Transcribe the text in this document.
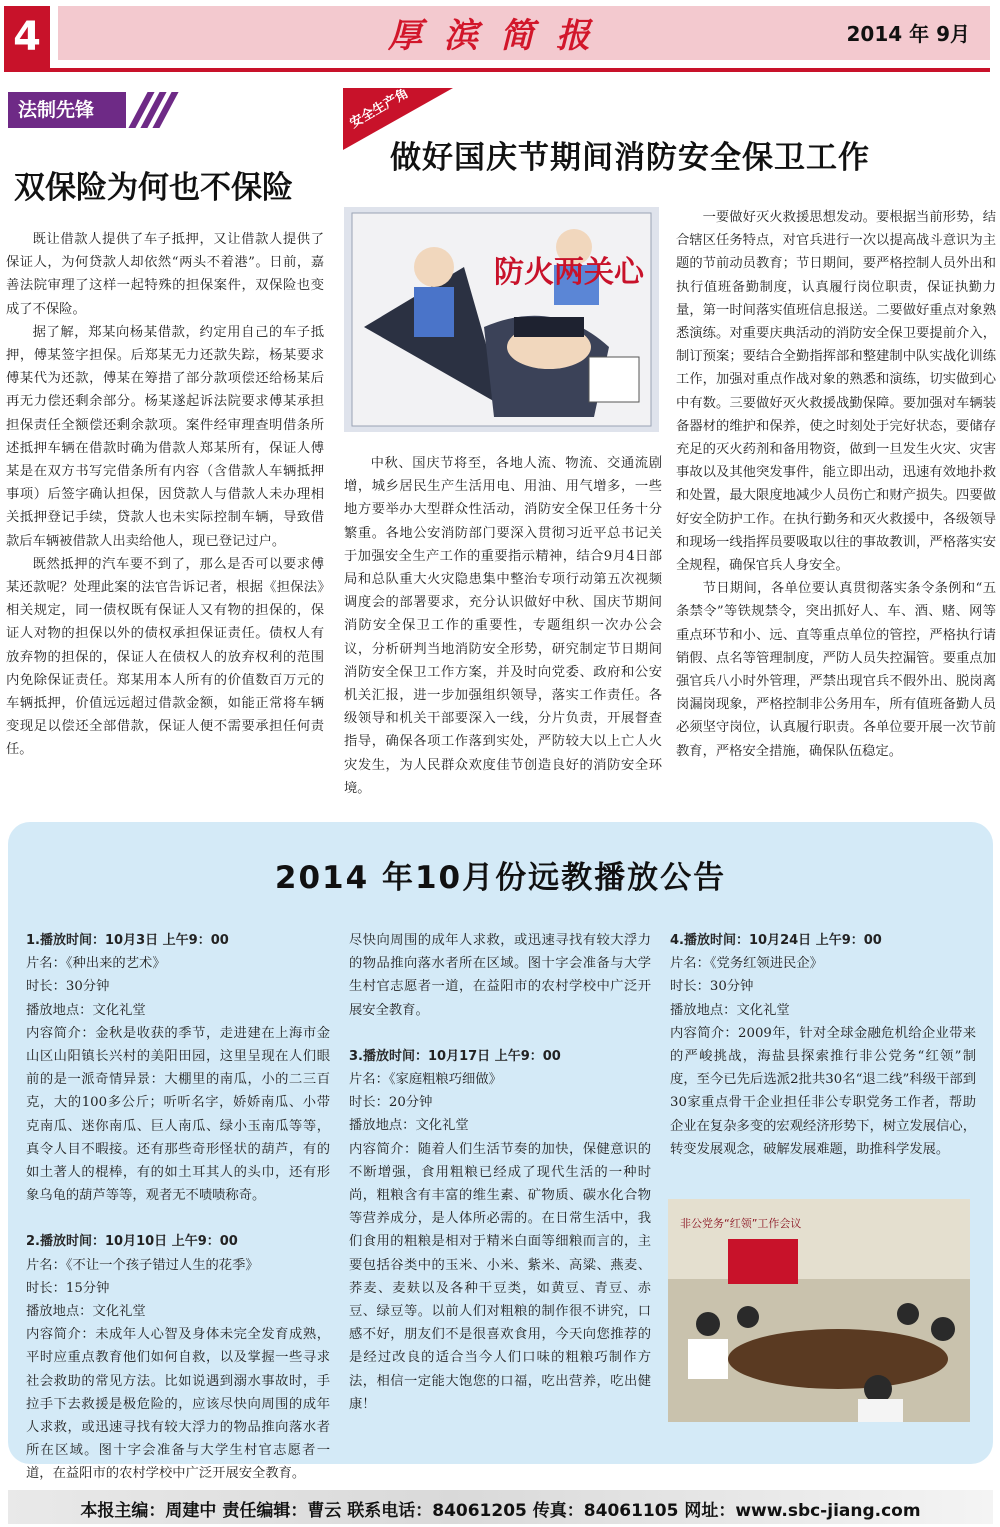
4	厚滨简报	2014 年 9月
法制先锋
双保险为何也不保险

既让借款人提供了车子抵押，又让借款人提供了保证人，为何贷款人却依然“两头不着港”。日前，嘉善法院审理了这样一起特殊的担保案件，双保险也变成了不保险。

据了解，郑某向杨某借款，约定用自己的车子抵押，傅某签字担保。后郑某无力还款失踪，杨某要求傅某代为还款，傅某在筹措了部分款项偿还给杨某后再无力偿还剩余部分。杨某遂起诉法院要求傅某承担担保责任全额偿还剩余款项。案件经审理查明借条所述抵押车辆在借款时确为借款人郑某所有，保证人傅某是在双方书写完借条所有内容（含借款人车辆抵押事项）后签字确认担保，因贷款人与借款人未办理相关抵押登记手续，贷款人也未实际控制车辆，导致借款后车辆被借款人出卖给他人，现已登记过户。

既然抵押的汽车要不到了，那么是否可以要求傅某还款呢？处理此案的法官告诉记者，根据《担保法》相关规定，同一债权既有保证人又有物的担保的，保证人对物的担保以外的债权承担保证责任。债权人有放弃物的担保的，保证人在债权人的放弃权利的范围内免除保证责任。郑某用本人所有的价值数百万元的车辆抵押，价值远远超过借款金额，如能正常将车辆变现足以偿还全部借款，保证人便不需要承担任何责任。

安全生产角
做好国庆节期间消防安全保卫工作
防火两关心

中秋、国庆节将至，各地人流、物流、交通流剧增，城乡居民生产生活用电、用油、用气增多，一些地方要举办大型群众性活动，消防安全保卫任务十分繁重。各地公安消防部门要深入贯彻习近平总书记关于加强安全生产工作的重要指示精神，结合9月4日部局和总队重大火灾隐患集中整治专项行动第五次视频调度会的部署要求，充分认识做好中秋、国庆节期间消防安全保卫工作的重要性，专题组织一次办公会议，分析研判当地消防安全形势，研究制定节日期间消防安全保卫工作方案，并及时向党委、政府和公安机关汇报，进一步加强组织领导，落实工作责任。各级领导和机关干部要深入一线，分片负责，开展督查指导，确保各项工作落到实处，严防较大以上亡人火灾发生，为人民群众欢度佳节创造良好的消防安全环境。

一要做好灭火救援思想发动。要根据当前形势，结合辖区任务特点，对官兵进行一次以提高战斗意识为主题的节前动员教育；节日期间，要严格控制人员外出和执行值班备勤制度，认真履行岗位职责，保证执勤力量，第一时间落实值班信息报送。二要做好重点对象熟悉演练。对重要庆典活动的消防安全保卫要提前介入，制订预案；要结合全勤指挥部和整建制中队实战化训练工作，加强对重点作战对象的熟悉和演练，切实做到心中有数。三要做好灭火救援战勤保障。要加强对车辆装备器材的维护和保养，使之时刻处于完好状态，要储存充足的灭火药剂和备用物资，做到一旦发生火灾、灾害事故以及其他突发事件，能立即出动，迅速有效地扑救和处置，最大限度地减少人员伤亡和财产损失。四要做好安全防护工作。在执行勤务和灭火救援中，各级领导和现场一线指挥员要吸取以往的事故教训，严格落实安全规程，确保官兵人身安全。

节日期间，各单位要认真贯彻落实条令条例和“五条禁令”等铁规禁令，突出抓好人、车、酒、赌、网等重点环节和小、远、直等重点单位的管控，严格执行请销假、点名等管理制度，严防人员失控漏管。要重点加强官兵八小时外管理，严禁出现官兵不假外出、脱岗离岗漏岗现象，严格控制非公务用车，所有值班备勤人员必须坚守岗位，认真履行职责。各单位要开展一次节前教育，严格安全措施，确保队伍稳定。

2014 年10月份远教播放公告
1.播放时间：10月3日 上午9：00
片名：《种出来的艺术》
时长：30分钟
播放地点：文化礼堂
内容简介：金秋是收获的季节，走进建在上海市金山区山阳镇长兴村的美阳田园，这里呈现在人们眼前的是一派奇情异景：大棚里的南瓜，小的二三百克，大的100多公斤；听听名字，娇娇南瓜、小带克南瓜、迷你南瓜、巨人南瓜、绿小玉南瓜等等，真令人目不暇接。还有那些奇形怪状的葫芦，有的如土著人的棍棒，有的如土耳其人的头巾，还有形象乌龟的葫芦等等，观者无不啧啧称奇。
2.播放时间：10月10日 上午9：00
片名：《不让一个孩子错过人生的花季》
时长：15分钟
播放地点：文化礼堂
内容简介：未成年人心智及身体未完全发育成熟，平时应重点教育他们如何自救，以及掌握一些寻求社会救助的常见方法。比如说遇到溺水事故时，手拉手下去救援是极危险的，应该尽快向周围的成年人求救，或迅速寻找有较大浮力的物品推向落水者所在区域。图十字会准备与大学生村官志愿者一道，在益阳市的农村学校中广泛开展安全教育。
尽快向周围的成年人求救，或迅速寻找有较大浮力的物品推向落水者所在区域。图十字会准备与大学生村官志愿者一道，在益阳市的农村学校中广泛开展安全教育。
3.播放时间：10月17日 上午9：00
片名：《家庭粗粮巧细做》
时长：20分钟
播放地点：文化礼堂
内容简介：随着人们生活节奏的加快，保健意识的不断增强，食用粗粮已经成了现代生活的一种时尚，粗粮含有丰富的维生素、矿物质、碳水化合物等营养成分，是人体所必需的。在日常生活中，我们食用的粗粮是相对于精米白面等细粮而言的，主要包括谷类中的玉米、小米、紫米、高粱、燕麦、荞麦、麦麸以及各种干豆类，如黄豆、青豆、赤豆、绿豆等。以前人们对粗粮的制作很不讲究，口感不好，朋友们不是很喜欢食用，今天向您推荐的是经过改良的适合当今人们口味的粗粮巧制作方法，相信一定能大饱您的口福，吃出营养，吃出健康！
4.播放时间：10月24日 上午9：00
片名：《党务红领进民企》
时长：30分钟
播放地点：文化礼堂
内容简介：2009年，针对全球金融危机给企业带来的严峻挑战，海盐县探索推行非公党务“红领”制度，至今已先后选派2批共30名“退二线”科级干部到30家重点骨干企业担任非公专职党务工作者，帮助企业在复杂多变的宏观经济形势下，树立发展信心，转变发展观念，破解发展难题，助推科学发展。
非公党务“红领”工作会议
本报主编：周建中 责任编辑：曹云 联系电话：84061205 传真：84061105 网址：www.sbc-jiang.com
